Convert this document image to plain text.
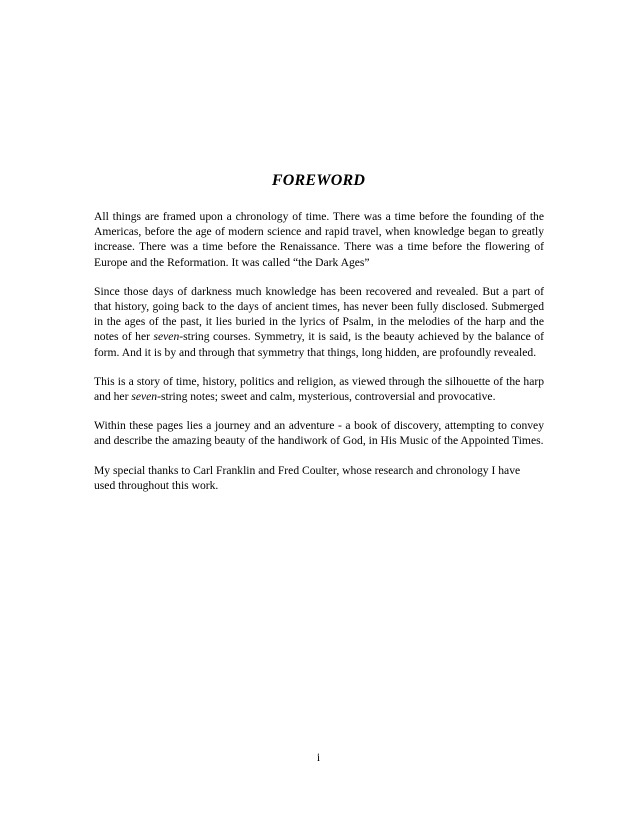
FOREWORD

All things are framed upon a chronology of time. There was a time before the founding of the Americas, before the age of modern science and rapid travel, when knowledge began to greatly increase. There was a time before the Renaissance. There was a time before the flowering of Europe and the Reformation. It was called “the Dark Ages”

Since those days of darkness much knowledge has been recovered and revealed. But a part of that history, going back to the days of ancient times, has never been fully disclosed. Submerged in the ages of the past, it lies buried in the lyrics of Psalm, in the melodies of the harp and the notes of her seven-string courses. Symmetry, it is said, is the beauty achieved by the balance of form. And it is by and through that symmetry that things, long hidden, are profoundly revealed.

This is a story of time, history, politics and religion, as viewed through the silhouette of the harp and her seven-string notes; sweet and calm, mysterious, controversial and provocative.

Within these pages lies a journey and an adventure - a book of discovery, attempting to convey and describe the amazing beauty of the handiwork of God, in His Music of the Appointed Times.

My special thanks to Carl Franklin and Fred Coulter, whose research and chronology I have used throughout this work.

i
